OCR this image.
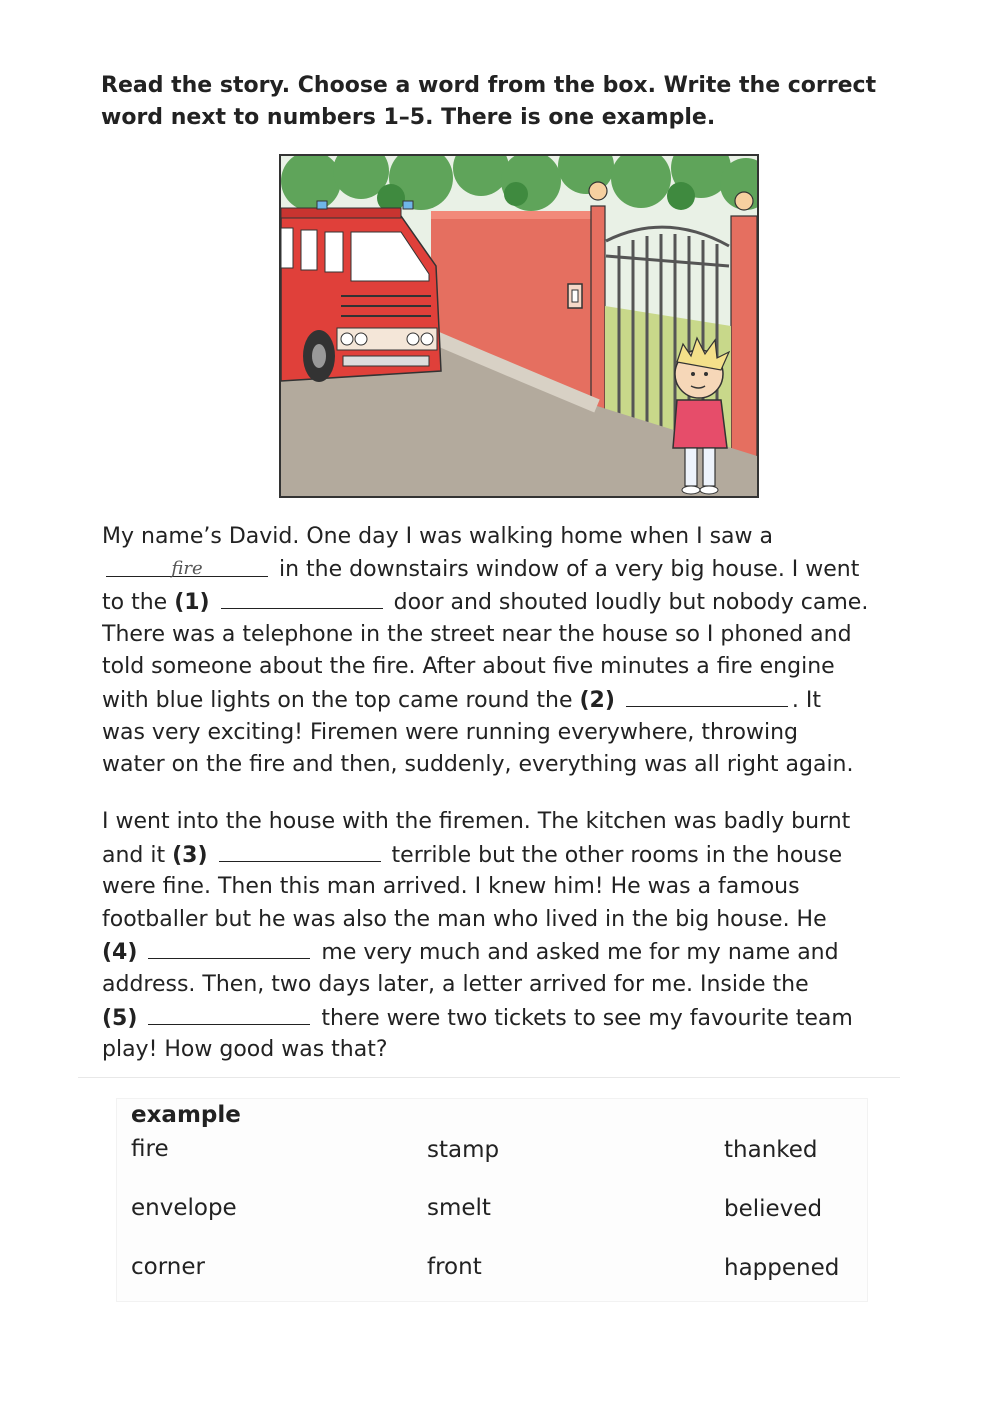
Read the story. Choose a word from the box. Write the correct word next to numbers 1–5. There is one example.
My name’s David. One day I was walking home when I saw a
fire	in the downstairs window of a very big house. I went
to the (1)	door and shouted loudly but nobody came.
There was a telephone in the street near the house so I phoned and
told someone about the fire. After about five minutes a fire engine
with blue lights on the top came round the (2)	. It
was very exciting! Firemen were running everywhere, throwing
water on the fire and then, suddenly, everything was all right again.
I went into the house with the firemen. The kitchen was badly burnt
and it (3)	terrible but the other rooms in the house
were fine. Then this man arrived. I knew him! He was a famous
footballer but he was also the man who lived in the big house. He
(4)	me very much and asked me for my name and
address. Then, two days later, a letter arrived for me. Inside the
(5)	there were two tickets to see my favourite team
play! How good was that?
example
fire	stamp	thanked
envelope	smelt	believed
corner	front	happened
